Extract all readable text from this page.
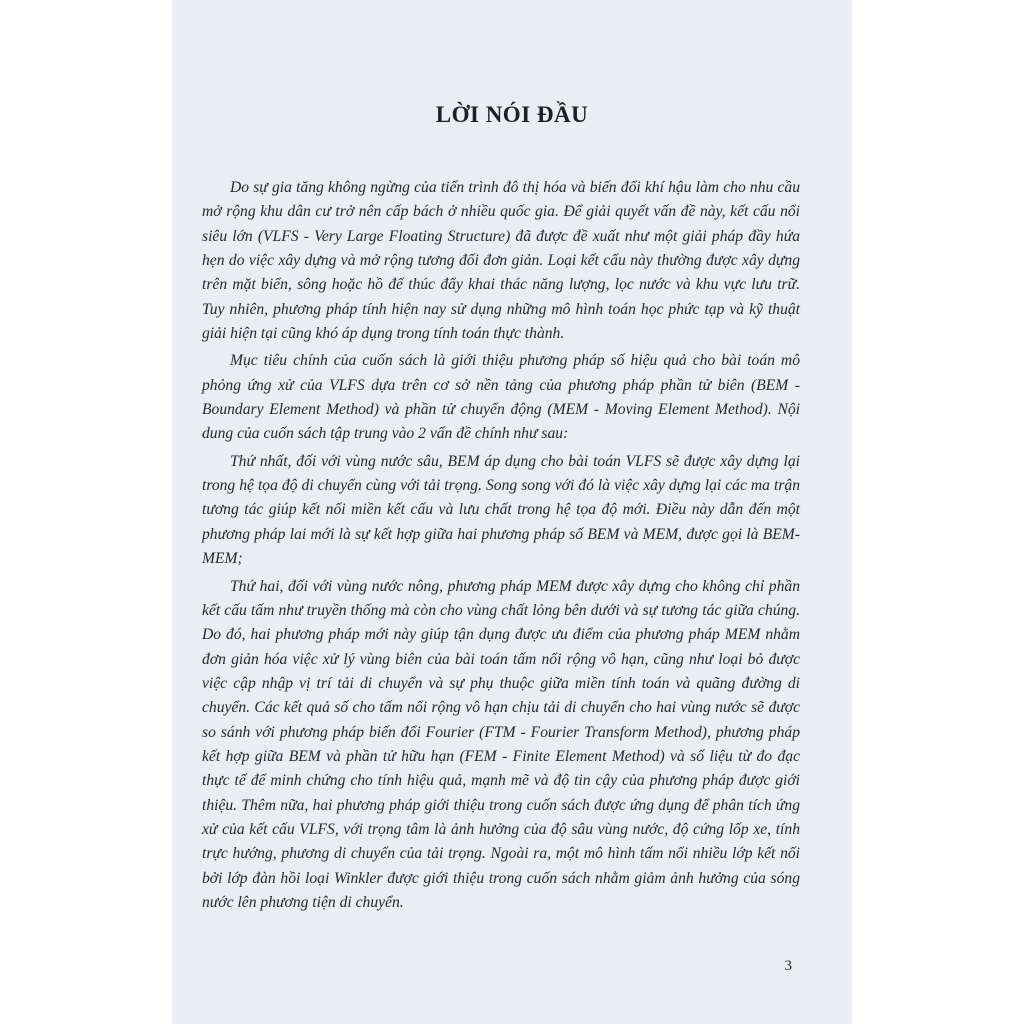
LỜI NÓI ĐẦU

Do sự gia tăng không ngừng của tiến trình đô thị hóa và biến đổi khí hậu làm cho nhu cầu mở rộng khu dân cư trở nên cấp bách ở nhiều quốc gia. Để giải quyết vấn đề này, kết cấu nổi siêu lớn (VLFS - Very Large Floating Structure) đã được đề xuất như một giải pháp đầy hứa hẹn do việc xây dựng và mở rộng tương đối đơn giản. Loại kết cấu này thường được xây dựng trên mặt biển, sông hoặc hồ để thúc đẩy khai thác năng lượng, lọc nước và khu vực lưu trữ. Tuy nhiên, phương pháp tính hiện nay sử dụng những mô hình toán học phức tạp và kỹ thuật giải hiện tại cũng khó áp dụng trong tính toán thực thành.

Mục tiêu chính của cuốn sách là giới thiệu phương pháp số hiệu quả cho bài toán mô phỏng ứng xử của VLFS dựa trên cơ sở nền tảng của phương pháp phần tử biên (BEM - Boundary Element Method) và phần tử chuyển động (MEM - Moving Element Method). Nội dung của cuốn sách tập trung vào 2 vấn đề chính như sau:

Thứ nhất, đối với vùng nước sâu, BEM áp dụng cho bài toán VLFS sẽ được xây dựng lại trong hệ tọa độ di chuyển cùng với tải trọng. Song song với đó là việc xây dựng lại các ma trận tương tác giúp kết nối miền kết cấu và lưu chất trong hệ tọa độ mới. Điều này dẫn đến một phương pháp lai mới là sự kết hợp giữa hai phương pháp số BEM và MEM, được gọi là BEM-MEM;

Thứ hai, đối với vùng nước nông, phương pháp MEM được xây dựng cho không chỉ phần kết cấu tấm như truyền thống mà còn cho vùng chất lỏng bên dưới và sự tương tác giữa chúng. Do đó, hai phương pháp mới này giúp tận dụng được ưu điểm của phương pháp MEM nhằm đơn giản hóa việc xử lý vùng biên của bài toán tấm nổi rộng vô hạn, cũng như loại bỏ được việc cập nhập vị trí tải di chuyển và sự phụ thuộc giữa miền tính toán và quãng đường di chuyển. Các kết quả số cho tấm nổi rộng vô hạn chịu tải di chuyển cho hai vùng nước sẽ được so sánh với phương pháp biến đổi Fourier (FTM - Fourier Transform Method), phương pháp kết hợp giữa BEM và phần tử hữu hạn (FEM - Finite Element Method) và số liệu từ đo đạc thực tế để minh chứng cho tính hiệu quả, mạnh mẽ và độ tin cậy của phương pháp được giới thiệu. Thêm nữa, hai phương pháp giới thiệu trong cuốn sách được ứng dụng để phân tích ứng xử của kết cấu VLFS, với trọng tâm là ảnh hưởng của độ sâu vùng nước, độ cứng lốp xe, tính trực hướng, phương di chuyển của tải trọng. Ngoài ra, một mô hình tấm nổi nhiều lớp kết nối bởi lớp đàn hồi loại Winkler được giới thiệu trong cuốn sách nhằm giảm ảnh hưởng của sóng nước lên phương tiện di chuyển.

3
